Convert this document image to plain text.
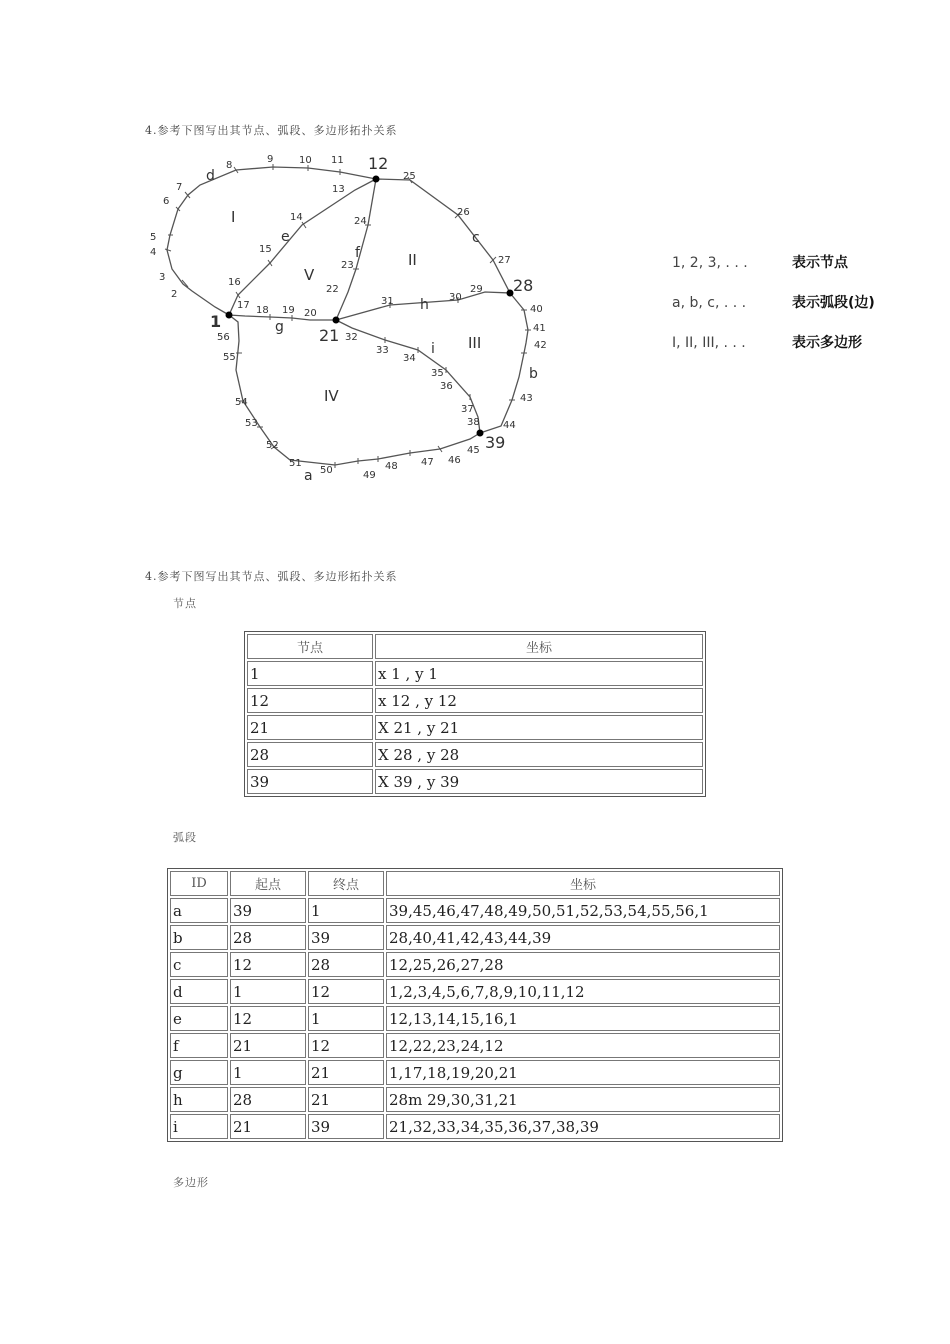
4.参考下图写出其节点、弧段、多边形拓扑关系
1
12
21
28
39
2
3
4
5
6
7
8
9	10 11
13
14
15
16
17 18 19 20
22
23
24
25
26
27
29
30
31
32
33
34
35
36
37
38
40
41
42
43
44
45
46
47
48
49
50
51
52
53
54
55
56
a
b
c
d
e
f
g
h
i
I
II
III
IV
V
1, 2, 3, . . .	表示节点
a, b, c, . . .	表示弧段(边)
I, II, III, . . .	表示多边形
4.参考下图写出其节点、弧段、多边形拓扑关系
节点
节点	坐标
1	x 1 , y 1
12	x 12 , y 12
21	X 21 , y 21
28	X 28 , y 28
39	X 39 , y 39
弧段
ID	起点	终点	坐标
a	39	1	39,45,46,47,48,49,50,51,52,53,54,55,56,1
b	28	39	28,40,41,42,43,44,39
c	12	28	12,25,26,27,28
d	1	12	1,2,3,4,5,6,7,8,9,10,11,12
e	12	1	12,13,14,15,16,1
f	21	12	12,22,23,24,12
g	1	21	1,17,18,19,20,21
h	28	21	28m 29,30,31,21
i	21	39	21,32,33,34,35,36,37,38,39
多边形
